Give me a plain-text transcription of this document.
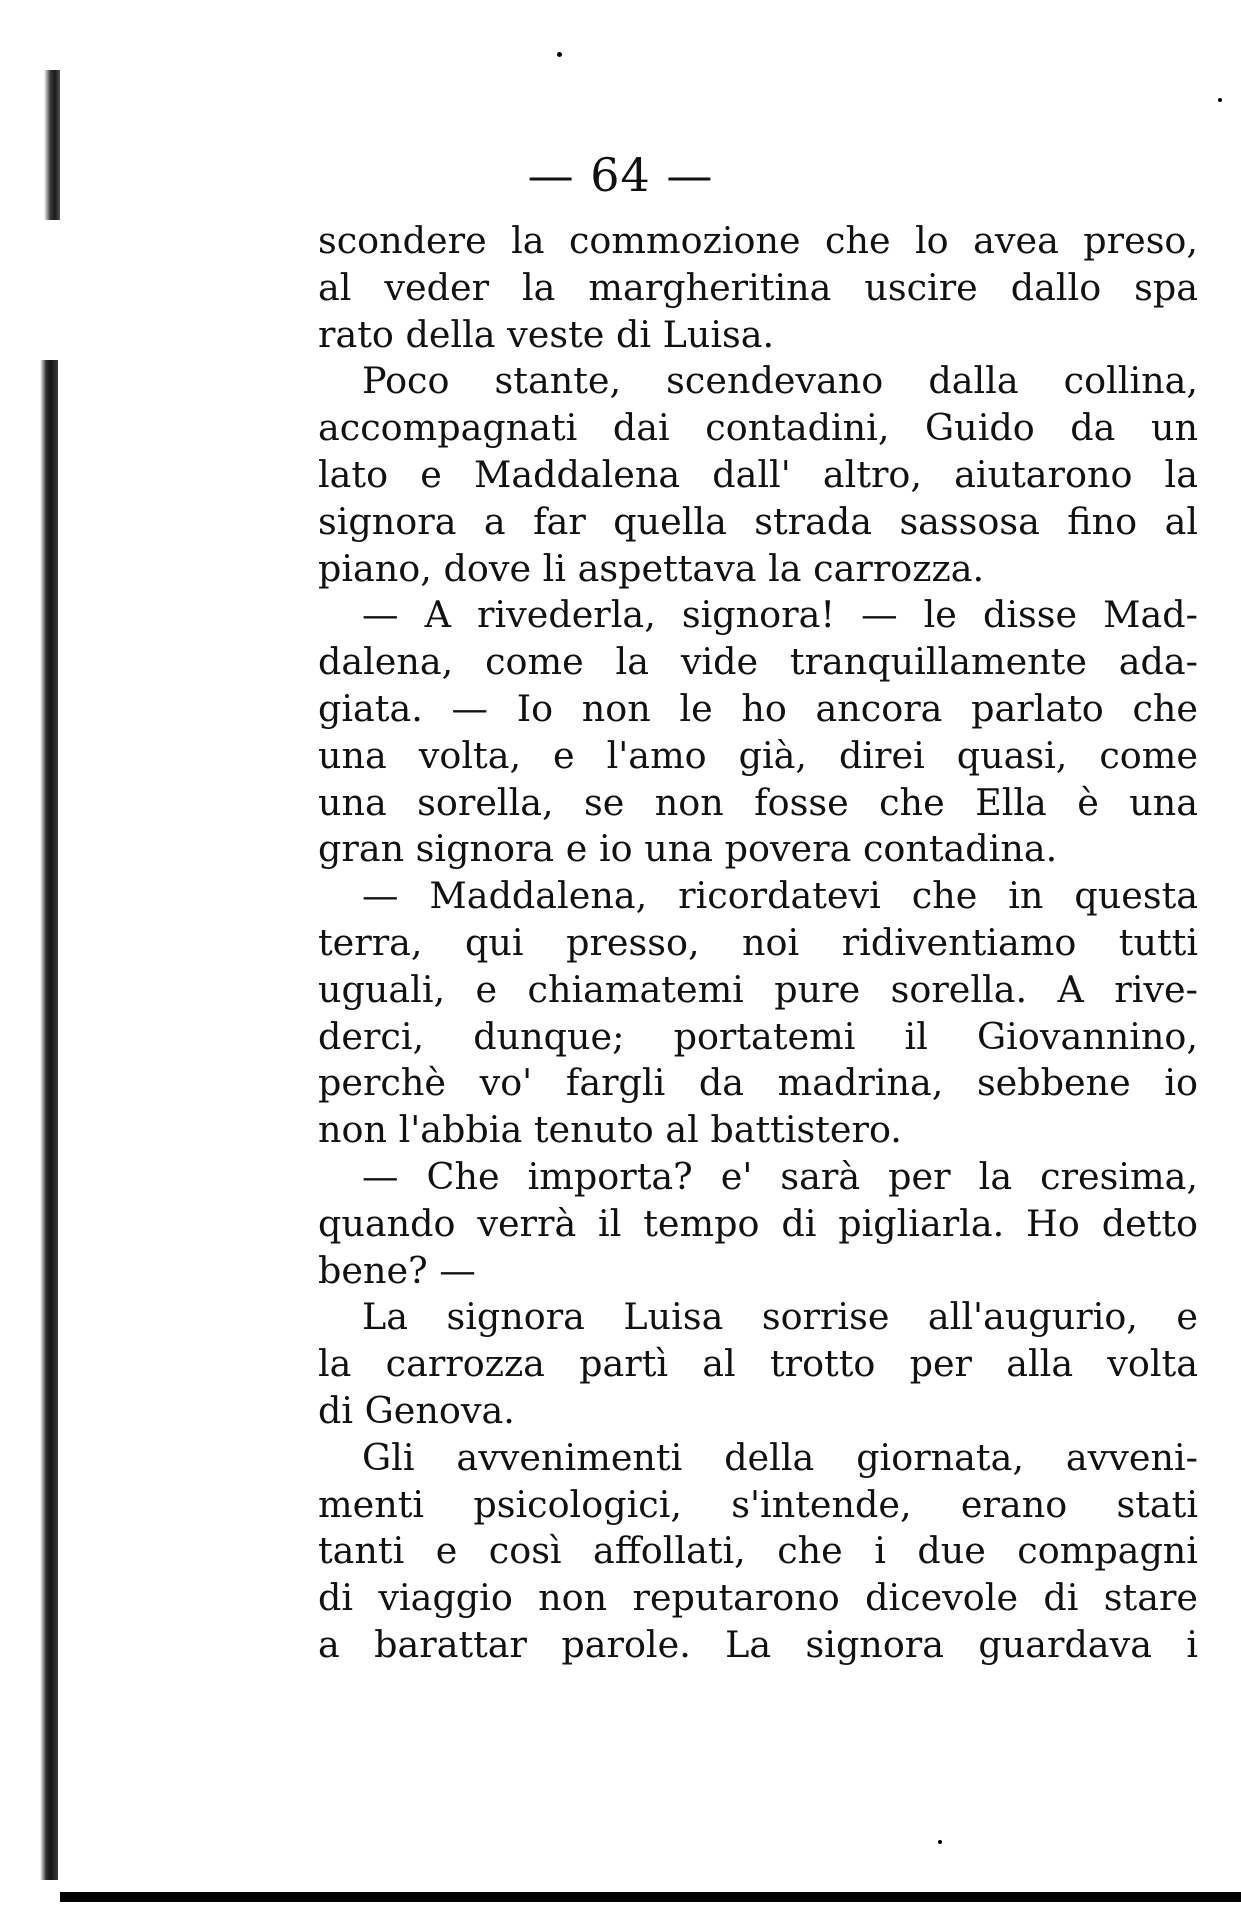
— 64 —
scondere la commozione che lo avea preso,
al veder la margheritina uscire dallo spa
rato della veste di Luisa.
Poco stante, scendevano dalla collina,
accompagnati dai contadini, Guido da un
lato e Maddalena dall' altro, aiutarono la
signora a far quella strada sassosa fino al
piano, dove li aspettava la carrozza.
— A rivederla, signora! — le disse Mad-
dalena, come la vide tranquillamente ada-
giata. — Io non le ho ancora parlato che
una volta, e l'amo già, direi quasi, come
una sorella, se non fosse che Ella è una
gran signora e io una povera contadina.
— Maddalena, ricordatevi che in questa
terra, qui presso, noi ridiventiamo tutti
uguali, e chiamatemi pure sorella. A rive-
derci, dunque; portatemi il Giovannino,
perchè vo' fargli da madrina, sebbene io
non l'abbia tenuto al battistero.
— Che importa? e' sarà per la cresima,
quando verrà il tempo di pigliarla. Ho detto
bene? —
La signora Luisa sorrise all'augurio, e
la carrozza partì al trotto per alla volta
di Genova.
Gli avvenimenti della giornata, avveni-
menti psicologici, s'intende, erano stati
tanti e così affollati, che i due compagni
di viaggio non reputarono dicevole di stare
a barattar parole. La signora guardava i
